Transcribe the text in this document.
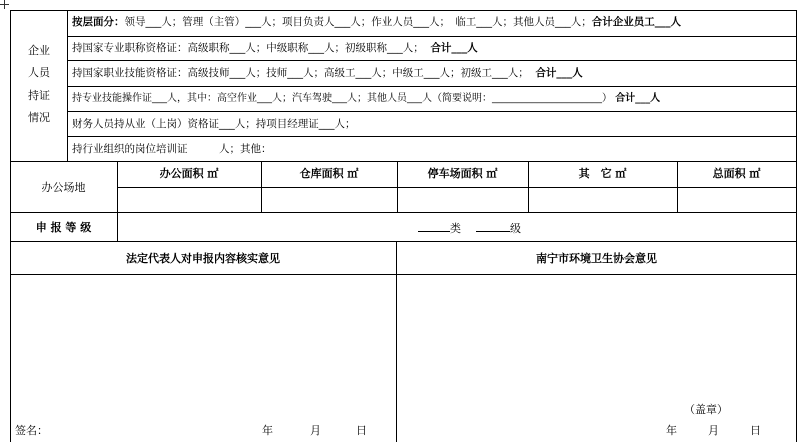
企业
人员
持证
情况
按层面分：领导___人；管理（主管）___人；项目负责人___人；作业人员___人；　临工___人；其他人员___人；合计企业员工___人
持国家专业职称资格证：高级职称___人；中级职称___人；初级职称___人； 合计___人
持国家职业技能资格证：高级技师___人；技师___人；高级工___人；中级工___人；初级工___人； 合计___人
持专业技能操作证___人，其中：高空作业___人；汽车驾驶___人；其他人员___人（简要说明：______________________） 合计___人
财务人员持从业（上岗）资格证___人；持项目经理证___人；
持行业组织的岗位培训证　　　人；其他：
办公场地
办公面积 ㎡	仓库面积 ㎡	停车场面积 ㎡	其　它 ㎡	总面积 ㎡
申 报 等 级	类	级
法定代表人对申报内容核实意见	南宁市环境卫生协会意见
签名：	年	月	日
（盖章）
年	月	日
